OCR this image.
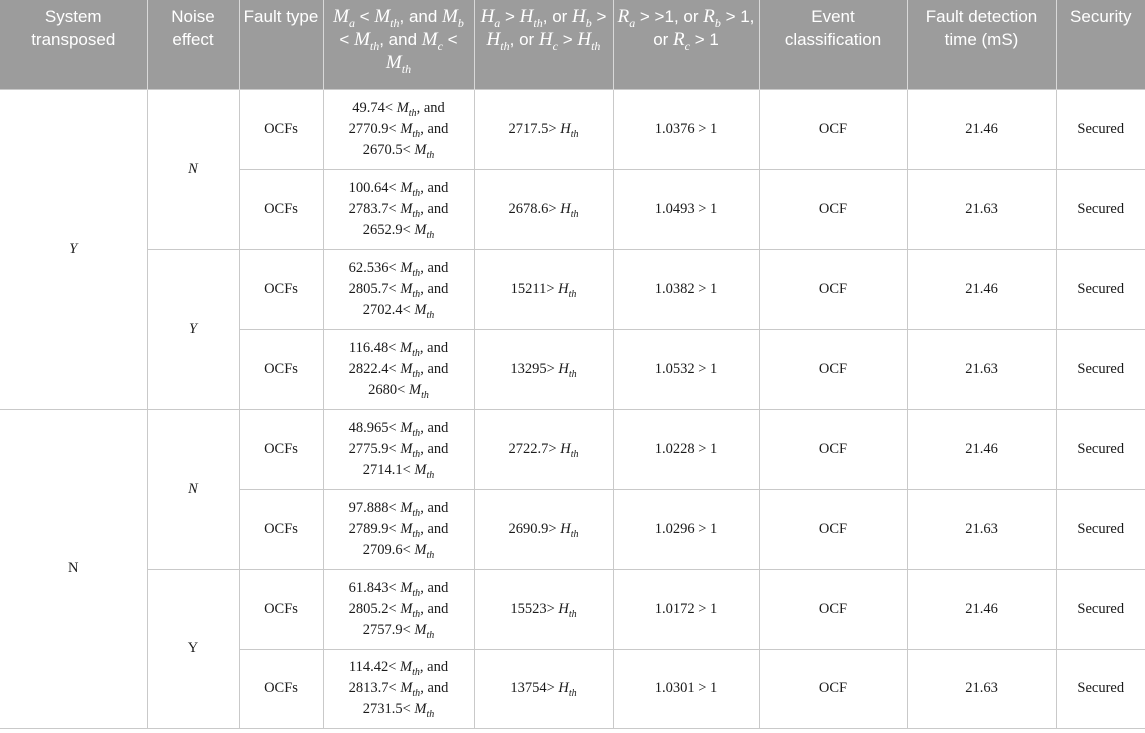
System transposed	Noise effect	Fault type	$M_a < M_{th}$, and $M_b < M_{th}$, and $M_c < M_{th}$	$H_a > H_{th}$, or $H_b > H_{th}$, or $H_c > H_{th}$	$R_a > >1$, or $R_b > 1$, or $R_c > 1$	Event classification	Fault detection time (mS)	Security
Y	N	OCFs	$49.74< M_{th}$, and
$2770.9< M_{th}$, and
$2670.5< M_{th}$	$2717.5> H_{th}$	1.0376 > 1	OCF	21.46	Secured
		OCFs	$100.64< M_{th}$, and
$2783.7< M_{th}$, and
$2652.9< M_{th}$	$2678.6> H_{th}$	1.0493 > 1	OCF	21.63	Secured
	Y	OCFs	$62.536< M_{th}$, and
$2805.7< M_{th}$, and
$2702.4< M_{th}$	$15211> H_{th}$	1.0382 > 1	OCF	21.46	Secured
		OCFs	$116.48< M_{th}$, and
$2822.4< M_{th}$, and
$2680< M_{th}$	$13295> H_{th}$	1.0532 > 1	OCF	21.63	Secured
N	N	OCFs	$48.965< M_{th}$, and
$2775.9< M_{th}$, and
$2714.1< M_{th}$	$2722.7> H_{th}$	1.0228 > 1	OCF	21.46	Secured
		OCFs	$97.888< M_{th}$, and
$2789.9< M_{th}$, and
$2709.6< M_{th}$	$2690.9> H_{th}$	1.0296 > 1	OCF	21.63	Secured
	Y	OCFs	$61.843< M_{th}$, and
$2805.2< M_{th}$, and
$2757.9< M_{th}$	$15523> H_{th}$	1.0172 > 1	OCF	21.46	Secured
		OCFs	$114.42< M_{th}$, and
$2813.7< M_{th}$, and
$2731.5< M_{th}$	$13754> H_{th}$	1.0301 > 1	OCF	21.63	Secured
